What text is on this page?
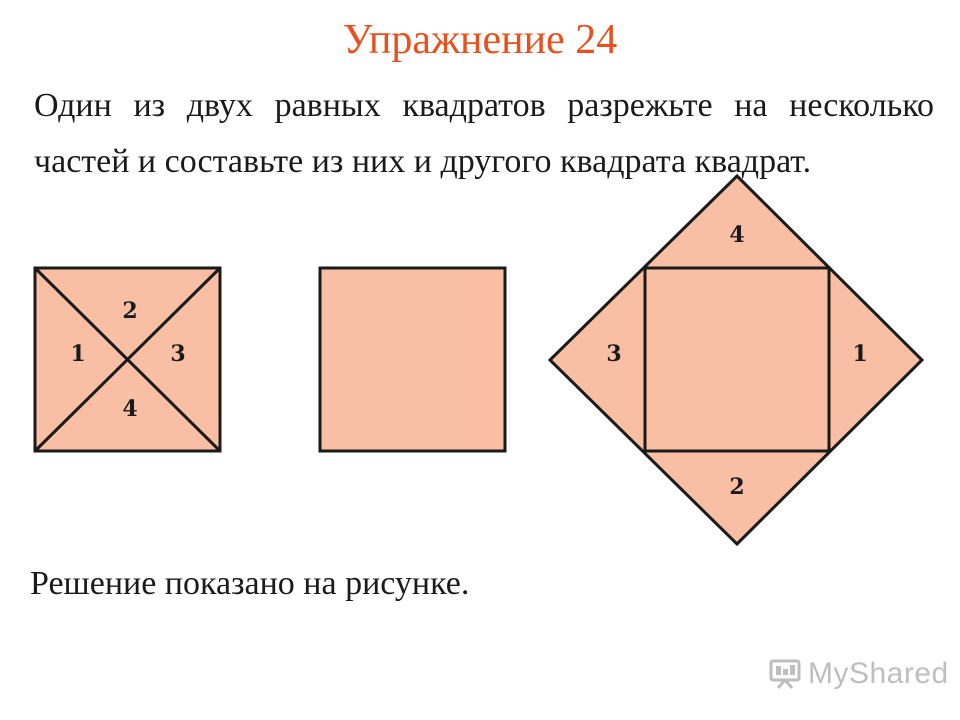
Упражнение 24
Один из двух равных квадратов разрежьте на несколько частей и составьте из них и другого квадрата квадрат.
2
1	3
4
4
3	1
2
Решение показано на рисунке.
MyShared
